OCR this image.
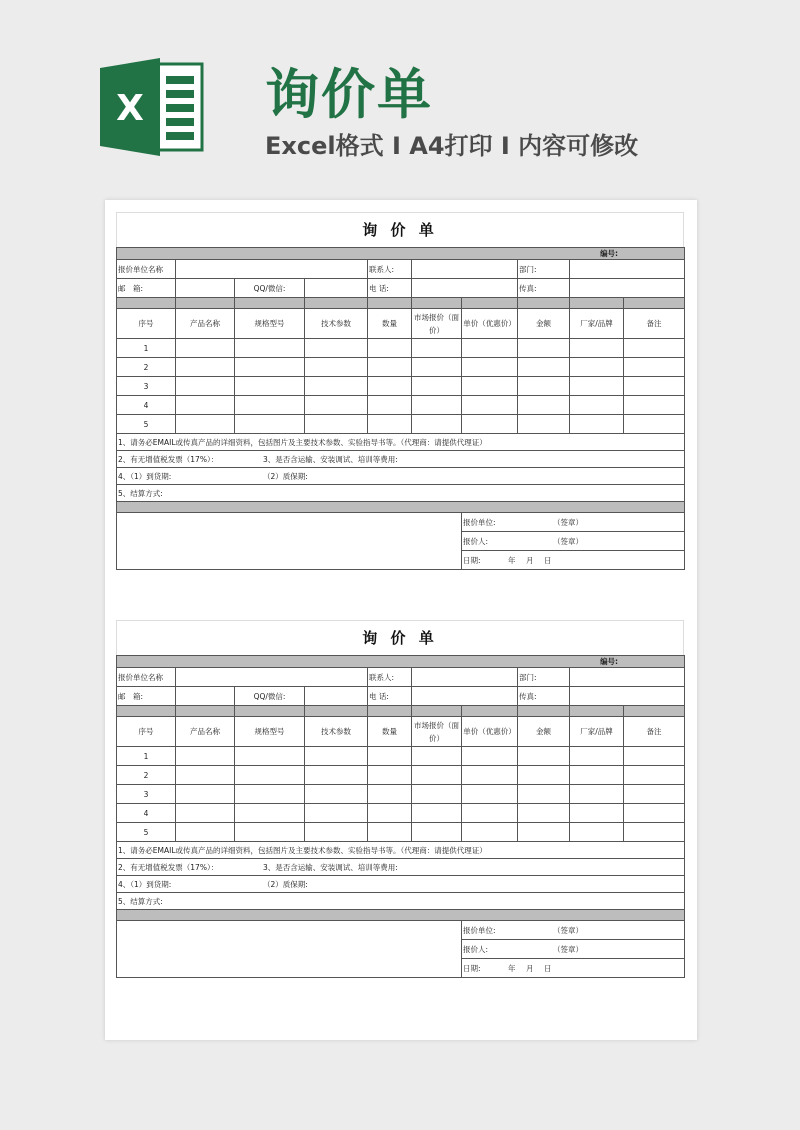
X 询价单
Excel格式 I A4打印 I 内容可修改
询 价 单
编号:									
报价单位名称				联系人:			部门:		
邮　箱:		QQ/微信:		电 话:			传真:		

序号	产品名称	规格型号	技术参数	数量	市场报价（面价）	单价（优惠价）	金额	厂家/品牌	备注
1									
2									
3									
4									
5									
1、请务必EMAIL或传真产品的详细资料，包括图片及主要技术参数、实验指导书等。（代理商：请提供代理证）									
2、有无增值税发票（17%）： 3、是否含运输、安装调试、培训等费用:									
4、（1）到货期: （2）质保期:									
5、结算方式:									

						报价单位: （签章）			
						报价人: （签章）			
						日期: 年 月 日			
询 价 单
编号:									
报价单位名称				联系人:			部门:		
邮　箱:		QQ/微信:		电 话:			传真:		

序号	产品名称	规格型号	技术参数	数量	市场报价（面价）	单价（优惠价）	金额	厂家/品牌	备注
1									
2									
3									
4									
5									
1、请务必EMAIL或传真产品的详细资料，包括图片及主要技术参数、实验指导书等。（代理商：请提供代理证）									
2、有无增值税发票（17%）： 3、是否含运输、安装调试、培训等费用:									
4、（1）到货期: （2）质保期:									
5、结算方式:									

						报价单位: （签章）			
						报价人: （签章）			
						日期: 年 月 日			
